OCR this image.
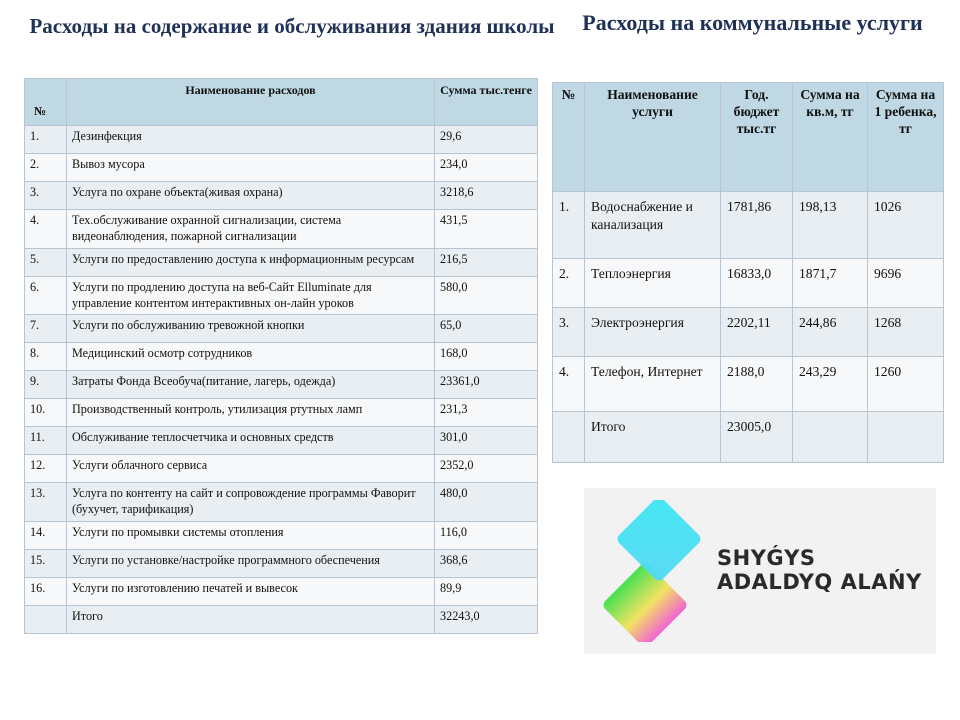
Расходы на содержание и обслуживания здания школы	Расходы на коммунальные услуги
№	Наименование расходов	Сумма тыс.тенге
1.	Дезинфекция	29,6
2.	Вывоз мусора	234,0
3.	Услуга по охране объекта(живая охрана)	3218,6
4.	Тех.обслуживание охранной сигнализации, система видеонаблюдения, пожарной сигнализации	431,5
5.	Услуги по предоставлению доступа к информационным ресурсам	216,5
6.	Услуги по продлению доступа на веб-Сайт Elluminate для управление контентом интерактивных он-лайн уроков	580,0
7.	Услуги по обслуживанию тревожной кнопки	65,0
8.	Медицинский осмотр сотрудников	168,0
9.	Затраты Фонда Всеобуча(питание, лагерь, одежда)	23361,0
10.	Производственный контроль, утилизация ртутных ламп	231,3
11.	Обслуживание теплосчетчика и основных средств	301,0
12.	Услуги облачного сервиса	2352,0
13.	Услуга по контенту на сайт и сопровождение программы Фаворит (бухучет, тарификация)	480,0
14.	Услуги по промывки системы отопления	116,0
15.	Услуги по установке/настройке программного обеспечения	368,6
16.	Услуги по изготовлению печатей и вывесок	89,9
	Итого	32243,0
№	Наименование услуги	Год. бюджет тыс.тг	Сумма на кв.м, тг	Сумма на 1 ребенка, тг
1.	Водоснабжение и канализация	1781,86	198,13	1026
2.	Теплоэнергия	16833,0	1871,7	9696
3.	Электроэнергия	2202,11	244,86	1268
4.	Телефон, Интернет	2188,0	243,29	1260
	Итого	23005,0		
SHYǴYS
ADALDYQ ALAŃY
